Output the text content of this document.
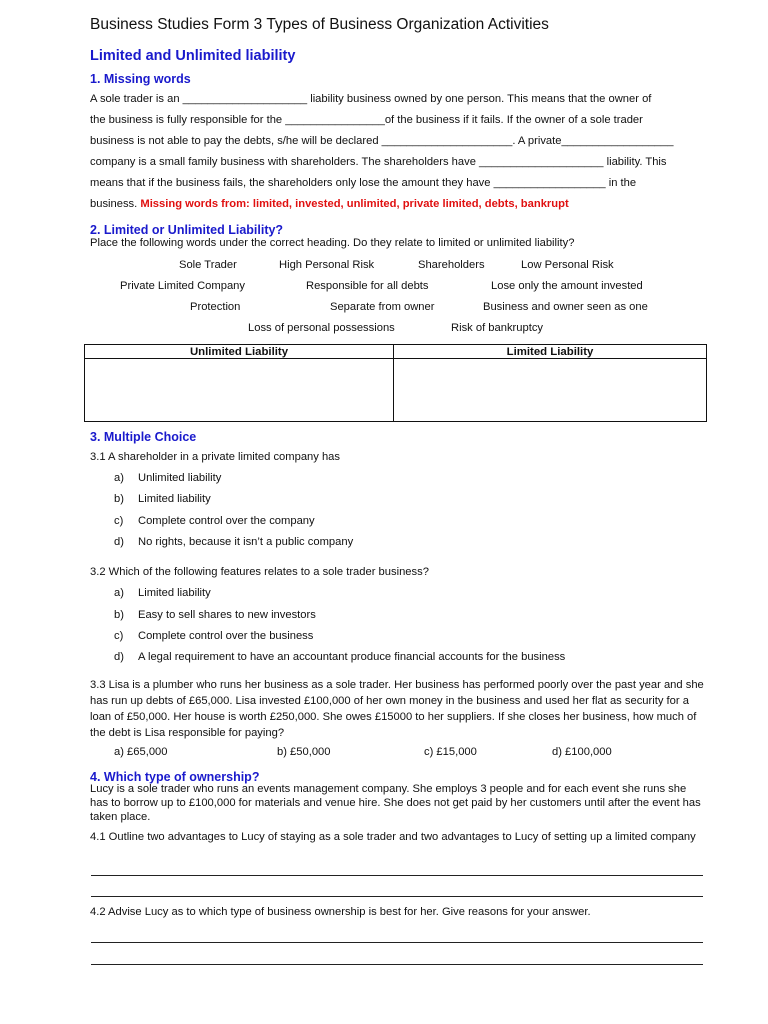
Business Studies Form 3 Types of Business Organization Activities
Limited and Unlimited liability
1. Missing words

A sole trader is an ____________________ liability business owned by one person. This means that the owner of

the business is fully responsible for the ________________of the business if it fails. If the owner of a sole trader

business is not able to pay the debts, s/he will be declared _____________________. A private__________________

company is a small family business with shareholders. The shareholders have ____________________ liability. This

means that if the business fails, the shareholders only lose the amount they have __________________ in the

business. Missing words from: limited, invested, unlimited, private limited, debts, bankrupt

2. Limited or Unlimited Liability?
Place the following words under the correct heading. Do they relate to limited or unlimited liability?
Sole Trader	High Personal Risk	Shareholders	Low Personal Risk
Private Limited Company	Responsible for all debts	Lose only the amount invested
Protection	Separate from owner	Business and owner seen as one
Loss of personal possessions	Risk of bankruptcy
Unlimited Liability	Limited Liability

3. Multiple Choice
3.1 A shareholder in a private limited company has
a) Unlimited liability
b) Limited liability
c) Complete control over the company
d) No rights, because it isn’t a public company
3.2 Which of the following features relates to a sole trader business?
a) Limited liability
b) Easy to sell shares to new investors
c) Complete control over the business
d) A legal requirement to have an accountant produce financial accounts for the business
3.3 Lisa is a plumber who runs her business as a sole trader. Her business has performed poorly over the past year and she has run up debts of £65,000. Lisa invested £100,000 of her own money in the business and used her flat as security for a loan of £50,000. Her house is worth £250,000. She owes £15000 to her suppliers. If she closes her business, how much of the debt is Lisa responsible for paying?
a) £65,000	b) £50,000	c) £15,000	d) £100,000
4. Which type of ownership?
Lucy is a sole trader who runs an events management company. She employs 3 people and for each event she runs she has to borrow up to £100,000 for materials and venue hire. She does not get paid by her customers until after the event has taken place.
4.1 Outline two advantages to Lucy of staying as a sole trader and two advantages to Lucy of setting up a limited company
4.2 Advise Lucy as to which type of business ownership is best for her. Give reasons for your answer.
